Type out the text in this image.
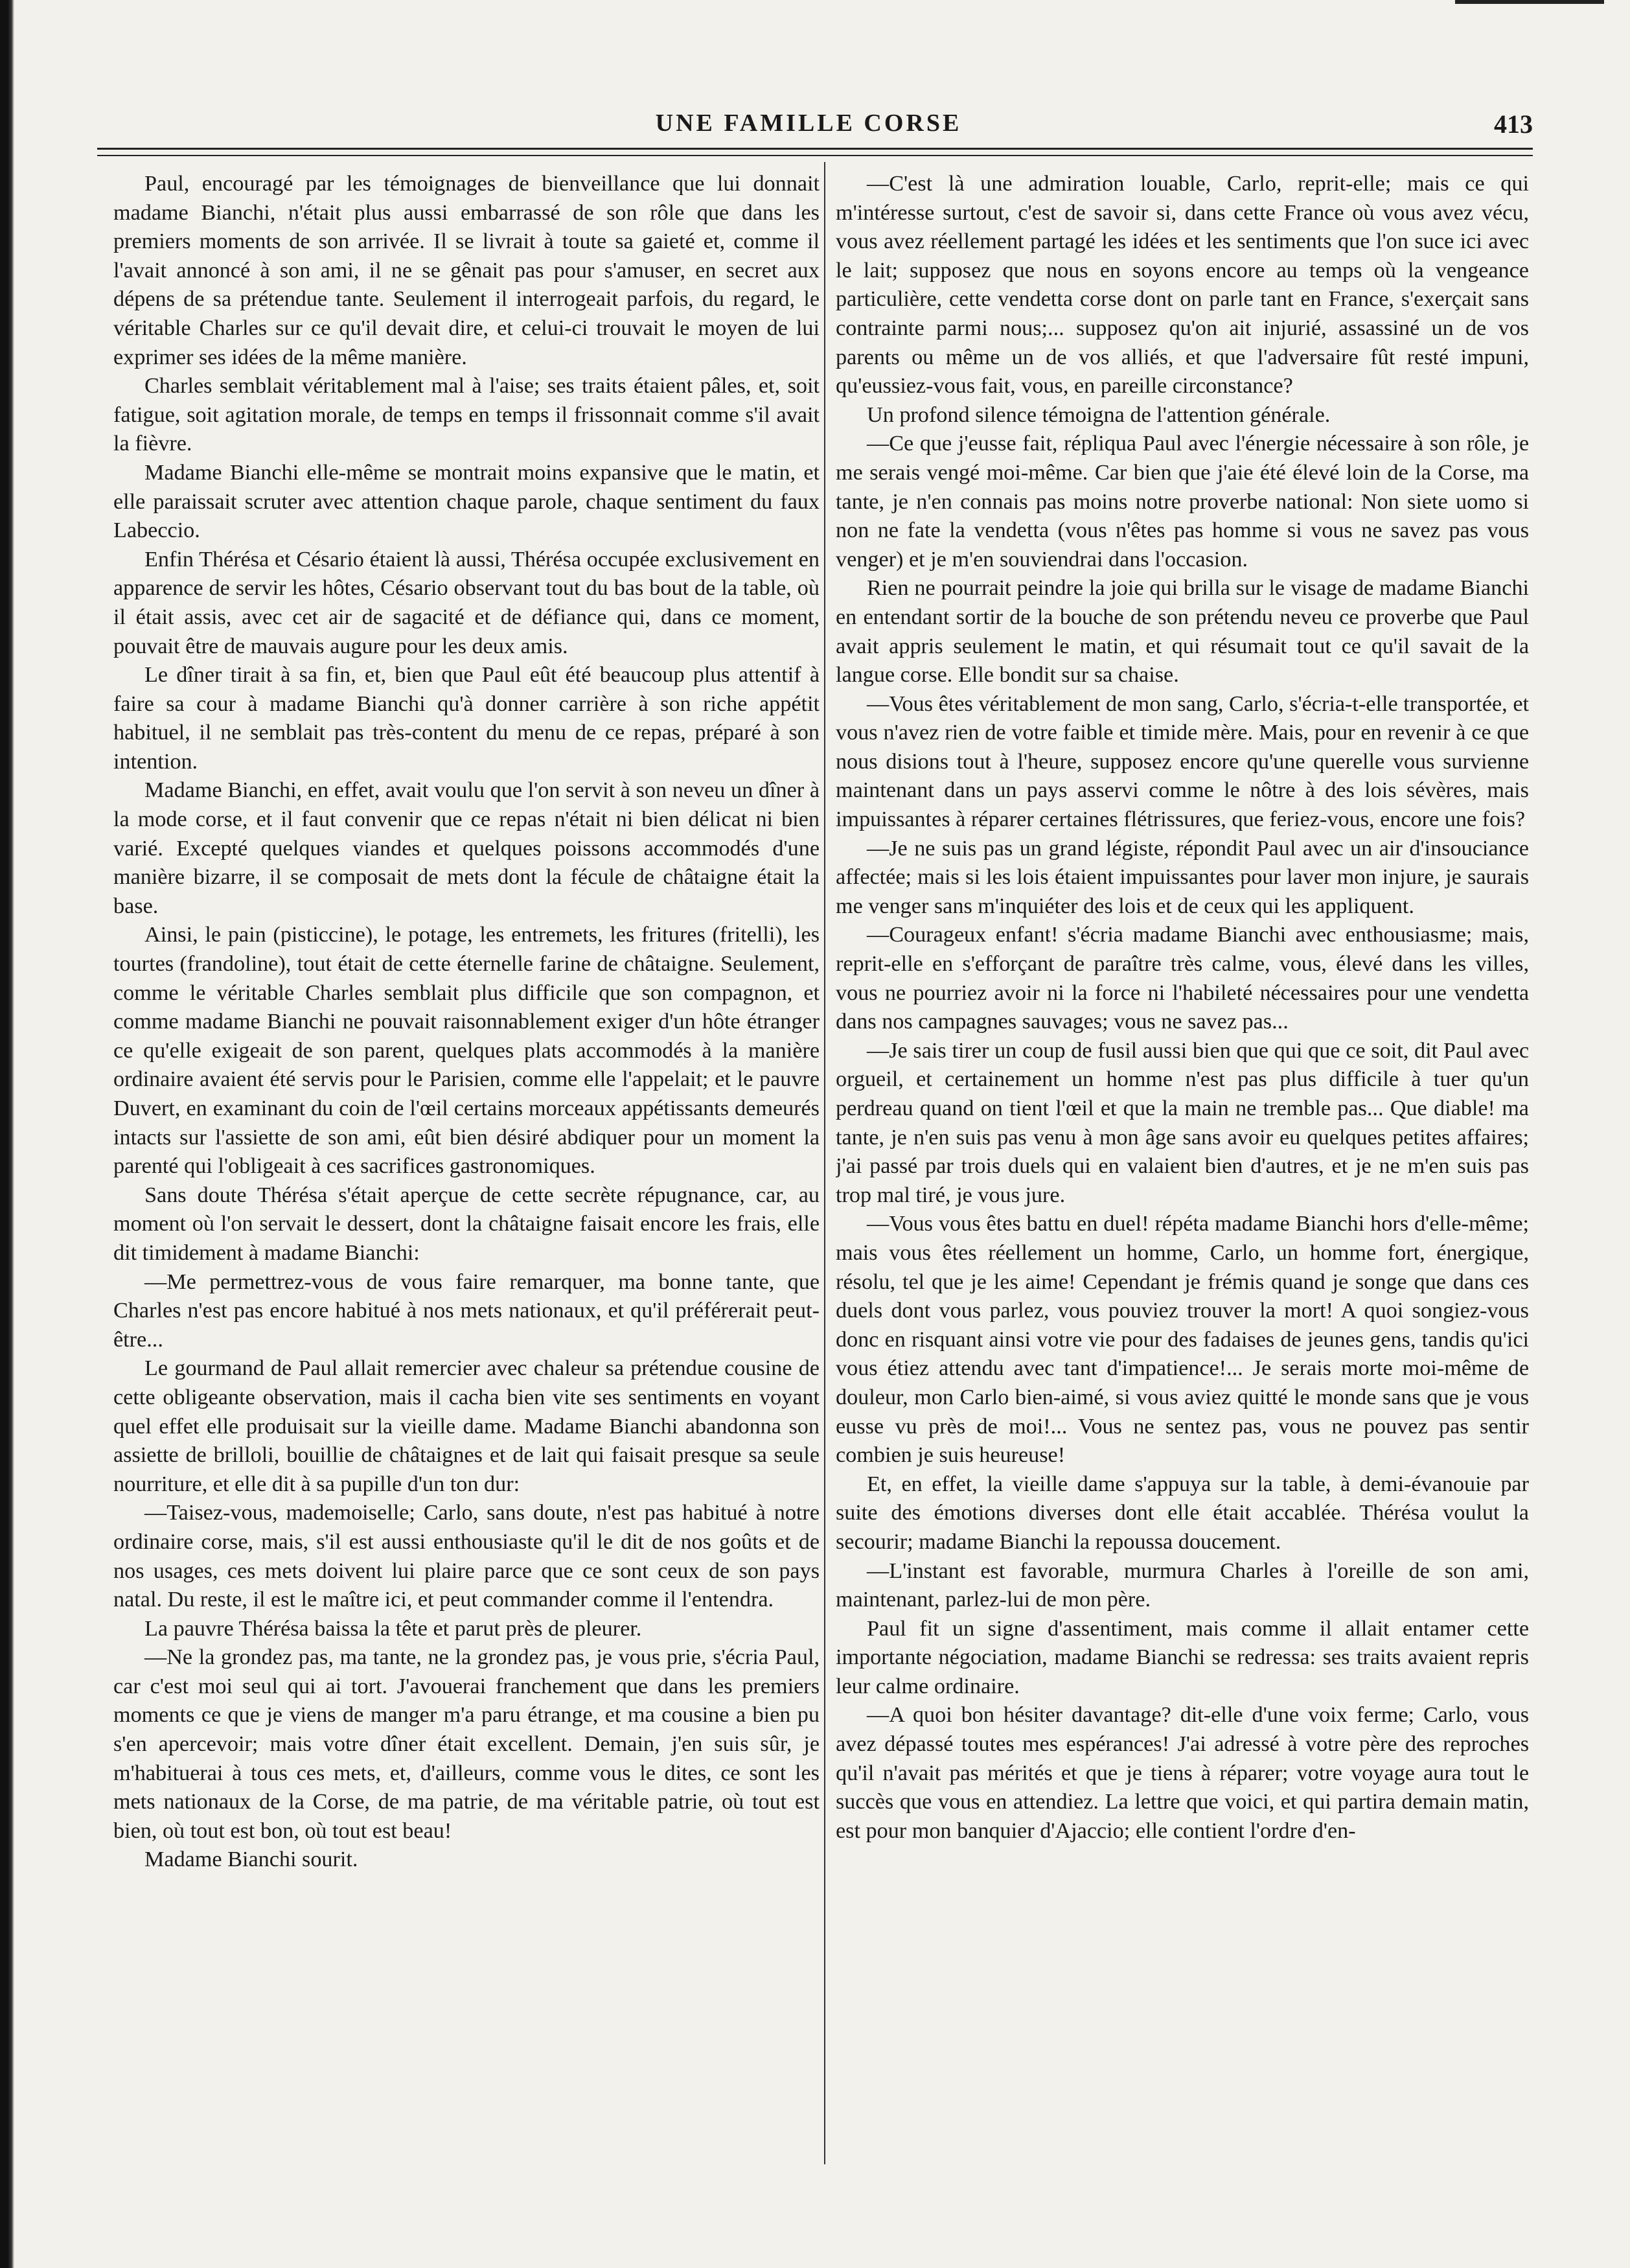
UNE FAMILLE CORSE	413

Paul, encouragé par les témoignages de bienveillance que lui donnait madame Bianchi, n'était plus aussi embarrassé de son rôle que dans les premiers moments de son arrivée. Il se livrait à toute sa gaieté et, comme il l'avait annoncé à son ami, il ne se gênait pas pour s'amuser, en secret aux dépens de sa prétendue tante. Seulement il interrogeait parfois, du regard, le véritable Charles sur ce qu'il devait dire, et celui-ci trouvait le moyen de lui exprimer ses idées de la même manière.

Charles semblait véritablement mal à l'aise; ses traits étaient pâles, et, soit fatigue, soit agitation morale, de temps en temps il frissonnait comme s'il avait la fièvre.

Madame Bianchi elle-même se montrait moins expansive que le matin, et elle paraissait scruter avec attention chaque parole, chaque sentiment du faux Labeccio.

Enfin Thérésa et Césario étaient là aussi, Thérésa occupée exclusivement en apparence de servir les hôtes, Césario observant tout du bas bout de la table, où il était assis, avec cet air de sagacité et de défiance qui, dans ce moment, pouvait être de mauvais augure pour les deux amis.

Le dîner tirait à sa fin, et, bien que Paul eût été beaucoup plus attentif à faire sa cour à madame Bianchi qu'à donner carrière à son riche appétit habituel, il ne semblait pas très-content du menu de ce repas, préparé à son intention.

Madame Bianchi, en effet, avait voulu que l'on servit à son neveu un dîner à la mode corse, et il faut convenir que ce repas n'était ni bien délicat ni bien varié. Excepté quelques viandes et quelques poissons accommodés d'une manière bizarre, il se composait de mets dont la fécule de châtaigne était la base.

Ainsi, le pain (pisticcine), le potage, les entremets, les fritures (fritelli), les tourtes (frandoline), tout était de cette éternelle farine de châtaigne. Seulement, comme le véritable Charles semblait plus difficile que son compagnon, et comme madame Bianchi ne pouvait raisonnablement exiger d'un hôte étranger ce qu'elle exigeait de son parent, quelques plats accommodés à la manière ordinaire avaient été servis pour le Parisien, comme elle l'appelait; et le pauvre Duvert, en examinant du coin de l'œil certains morceaux appétissants demeurés intacts sur l'assiette de son ami, eût bien désiré abdiquer pour un moment la parenté qui l'obligeait à ces sacrifices gastronomiques.

Sans doute Thérésa s'était aperçue de cette secrète répugnance, car, au moment où l'on servait le dessert, dont la châtaigne faisait encore les frais, elle dit timidement à madame Bianchi:

—Me permettrez-vous de vous faire remarquer, ma bonne tante, que Charles n'est pas encore habitué à nos mets nationaux, et qu'il préférerait peut-être...

Le gourmand de Paul allait remercier avec chaleur sa prétendue cousine de cette obligeante observation, mais il cacha bien vite ses sentiments en voyant quel effet elle produisait sur la vieille dame. Madame Bianchi abandonna son assiette de brilloli, bouillie de châtaignes et de lait qui faisait presque sa seule nourriture, et elle dit à sa pupille d'un ton dur:

—Taisez-vous, mademoiselle; Carlo, sans doute, n'est pas habitué à notre ordinaire corse, mais, s'il est aussi enthousiaste qu'il le dit de nos goûts et de nos usages, ces mets doivent lui plaire parce que ce sont ceux de son pays natal. Du reste, il est le maître ici, et peut commander comme il l'entendra.

La pauvre Thérésa baissa la tête et parut près de pleurer.

—Ne la grondez pas, ma tante, ne la grondez pas, je vous prie, s'écria Paul, car c'est moi seul qui ai tort. J'avouerai franchement que dans les premiers moments ce que je viens de manger m'a paru étrange, et ma cousine a bien pu s'en apercevoir; mais votre dîner était excellent. Demain, j'en suis sûr, je m'habituerai à tous ces mets, et, d'ailleurs, comme vous le dites, ce sont les mets nationaux de la Corse, de ma patrie, de ma véritable patrie, où tout est bien, où tout est bon, où tout est beau!

Madame Bianchi sourit.

—C'est là une admiration louable, Carlo, reprit-elle; mais ce qui m'intéresse surtout, c'est de savoir si, dans cette France où vous avez vécu, vous avez réellement partagé les idées et les sentiments que l'on suce ici avec le lait; supposez que nous en soyons encore au temps où la vengeance particulière, cette vendetta corse dont on parle tant en France, s'exerçait sans contrainte parmi nous;... supposez qu'on ait injurié, assassiné un de vos parents ou même un de vos alliés, et que l'adversaire fût resté impuni, qu'eussiez-vous fait, vous, en pareille circonstance?

Un profond silence témoigna de l'attention générale.

—Ce que j'eusse fait, répliqua Paul avec l'énergie nécessaire à son rôle, je me serais vengé moi-même. Car bien que j'aie été élevé loin de la Corse, ma tante, je n'en connais pas moins notre proverbe national: Non siete uomo si non ne fate la vendetta (vous n'êtes pas homme si vous ne savez pas vous venger) et je m'en souviendrai dans l'occasion.

Rien ne pourrait peindre la joie qui brilla sur le visage de madame Bianchi en entendant sortir de la bouche de son prétendu neveu ce proverbe que Paul avait appris seulement le matin, et qui résumait tout ce qu'il savait de la langue corse. Elle bondit sur sa chaise.

—Vous êtes véritablement de mon sang, Carlo, s'écria-t-elle transportée, et vous n'avez rien de votre faible et timide mère. Mais, pour en revenir à ce que nous disions tout à l'heure, supposez encore qu'une querelle vous survienne maintenant dans un pays asservi comme le nôtre à des lois sévères, mais impuissantes à réparer certaines flétrissures, que feriez-vous, encore une fois?

—Je ne suis pas un grand légiste, répondit Paul avec un air d'insouciance affectée; mais si les lois étaient impuissantes pour laver mon injure, je saurais me venger sans m'inquiéter des lois et de ceux qui les appliquent.

—Courageux enfant! s'écria madame Bianchi avec enthousiasme; mais, reprit-elle en s'efforçant de paraître très calme, vous, élevé dans les villes, vous ne pourriez avoir ni la force ni l'habileté nécessaires pour une vendetta dans nos campagnes sauvages; vous ne savez pas...

—Je sais tirer un coup de fusil aussi bien que qui que ce soit, dit Paul avec orgueil, et certainement un homme n'est pas plus difficile à tuer qu'un perdreau quand on tient l'œil et que la main ne tremble pas... Que diable! ma tante, je n'en suis pas venu à mon âge sans avoir eu quelques petites affaires; j'ai passé par trois duels qui en valaient bien d'autres, et je ne m'en suis pas trop mal tiré, je vous jure.

—Vous vous êtes battu en duel! répéta madame Bianchi hors d'elle-même; mais vous êtes réellement un homme, Carlo, un homme fort, énergique, résolu, tel que je les aime! Cependant je frémis quand je songe que dans ces duels dont vous parlez, vous pouviez trouver la mort! A quoi songiez-vous donc en risquant ainsi votre vie pour des fadaises de jeunes gens, tandis qu'ici vous étiez attendu avec tant d'impatience!... Je serais morte moi-même de douleur, mon Carlo bien-aimé, si vous aviez quitté le monde sans que je vous eusse vu près de moi!... Vous ne sentez pas, vous ne pouvez pas sentir combien je suis heureuse!

Et, en effet, la vieille dame s'appuya sur la table, à demi-évanouie par suite des émotions diverses dont elle était accablée. Thérésa voulut la secourir; madame Bianchi la repoussa doucement.

—L'instant est favorable, murmura Charles à l'oreille de son ami, maintenant, parlez-lui de mon père.

Paul fit un signe d'assentiment, mais comme il allait entamer cette importante négociation, madame Bianchi se redressa: ses traits avaient repris leur calme ordinaire.

—A quoi bon hésiter davantage? dit-elle d'une voix ferme; Carlo, vous avez dépassé toutes mes espérances! J'ai adressé à votre père des reproches qu'il n'avait pas mérités et que je tiens à réparer; votre voyage aura tout le succès que vous en attendiez. La lettre que voici, et qui partira demain matin, est pour mon banquier d'Ajaccio; elle contient l'ordre d'en-
